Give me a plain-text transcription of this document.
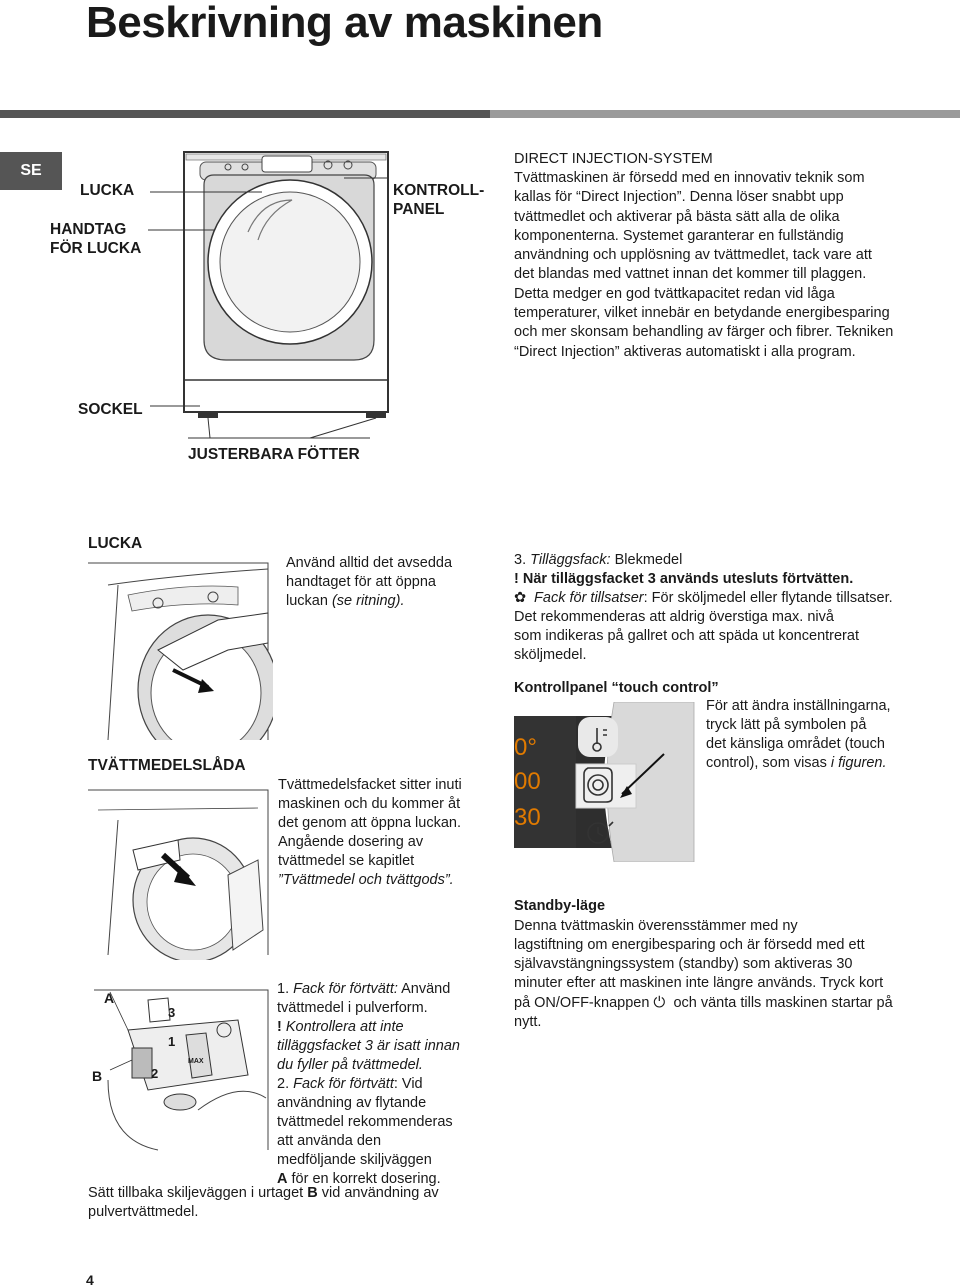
Beskrivning av maskinen
SE
LUCKA
HANDTAG
FÖR LUCKA
KONTROLL-
PANEL
SOCKEL
JUSTERBARA FÖTTER
DIRECT INJECTION-SYSTEM
Tvättmaskinen är försedd med en innovativ teknik som
kallas för “Direct Injection”. Denna löser snabbt upp
tvättmedlet och aktiverar på bästa sätt alla de olika
komponenterna. Systemet garanterar en fullständig
användning och upplösning av tvättmedlet, tack vare att
det blandas med vattnet innan det kommer till plaggen.
Detta medger en god tvättkapacitet redan vid låga
temperaturer, vilket innebär en betydande energibesparing
och mer skonsam behandling av färger och fibrer. Tekniken
“Direct Injection” aktiveras automatiskt i alla program.
LUCKA
Använd alltid det avsedda
handtaget för att öppna
luckan (se ritning).
TVÄTTMEDELSLÅDA
Tvättmedelsfacket sitter inuti
maskinen och du kommer åt
det genom att öppna luckan.
Angående dosering av
tvättmedel se kapitlet
”Tvättmedel och tvättgods”.
A
B
3
1
2
MAX
1. Fack för förtvätt: Använd
tvättmedel i pulverform.
! Kontrollera att inte
tilläggsfacket 3 är isatt innan
du fyller på tvättmedel.
2. Fack för förtvätt: Vid
användning av flytande
tvättmedel rekommenderas
att använda den
medföljande skiljväggen
A för en korrekt dosering.
Sätt tillbaka skiljeväggen i urtaget B vid användning av
pulvertvättmedel.
3. Tilläggsfack: Blekmedel
! När tilläggsfacket 3 används utesluts förtvätten.
✿ Fack för tillsatser: För sköljmedel eller flytande tillsatser.
Det rekommenderas att aldrig överstiga max. nivå
som indikeras på gallret och att späda ut koncentrerat
sköljmedel.
Kontrollpanel “touch control”
För att ändra inställningarna,
tryck lätt på symbolen på
det känsliga området (touch
control), som visas i figuren.
0°
00
30
Standby-läge
Denna tvättmaskin överensstämmer med ny
lagstiftning om energibesparing och är försedd med ett
självavstängningssystem (standby) som aktiveras 30
minuter efter att maskinen inte längre används. Tryck kort
på ON/OFF-knappen ⏻ och vänta tills maskinen startar på
nytt.
4
